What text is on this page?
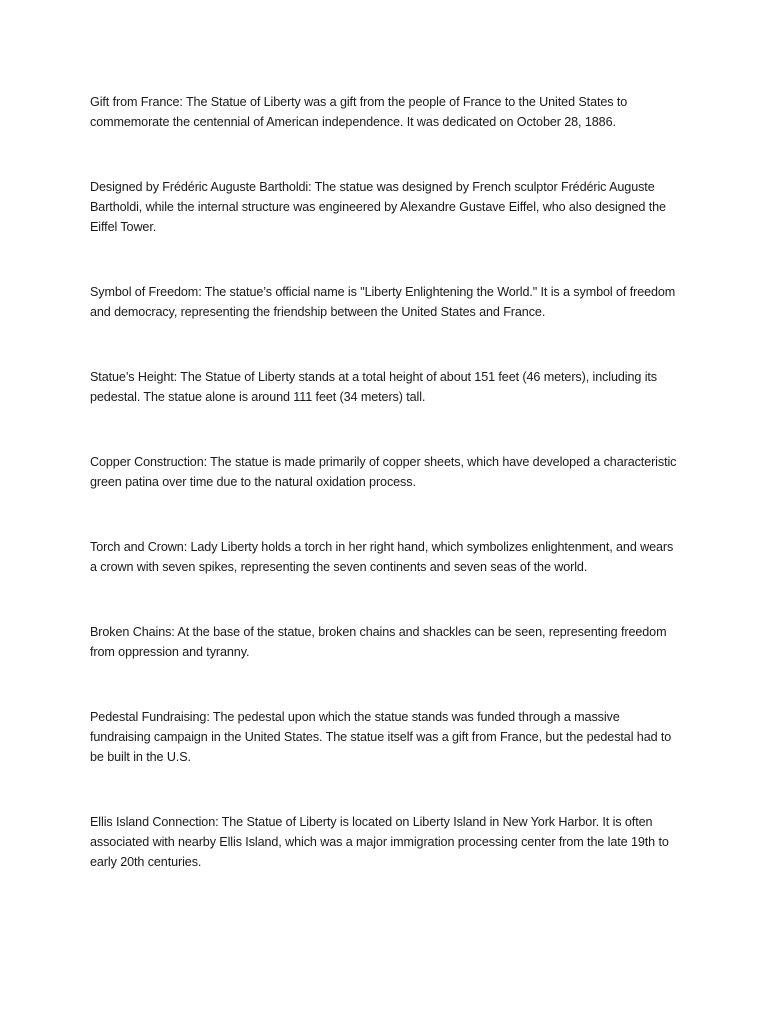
Gift from France: The Statue of Liberty was a gift from the people of France to the United States to commemorate the centennial of American independence. It was dedicated on October 28, 1886.

Designed by Frédéric Auguste Bartholdi: The statue was designed by French sculptor Frédéric Auguste Bartholdi, while the internal structure was engineered by Alexandre Gustave Eiffel, who also designed the Eiffel Tower.

Symbol of Freedom: The statue’s official name is "Liberty Enlightening the World." It is a symbol of freedom and democracy, representing the friendship between the United States and France.

Statue’s Height: The Statue of Liberty stands at a total height of about 151 feet (46 meters), including its pedestal. The statue alone is around 111 feet (34 meters) tall.

Copper Construction: The statue is made primarily of copper sheets, which have developed a characteristic green patina over time due to the natural oxidation process.

Torch and Crown: Lady Liberty holds a torch in her right hand, which symbolizes enlightenment, and wears a crown with seven spikes, representing the seven continents and seven seas of the world.

Broken Chains: At the base of the statue, broken chains and shackles can be seen, representing freedom from oppression and tyranny.

Pedestal Fundraising: The pedestal upon which the statue stands was funded through a massive fundraising campaign in the United States. The statue itself was a gift from France, but the pedestal had to be built in the U.S.

Ellis Island Connection: The Statue of Liberty is located on Liberty Island in New York Harbor. It is often associated with nearby Ellis Island, which was a major immigration processing center from the late 19th to early 20th centuries.
